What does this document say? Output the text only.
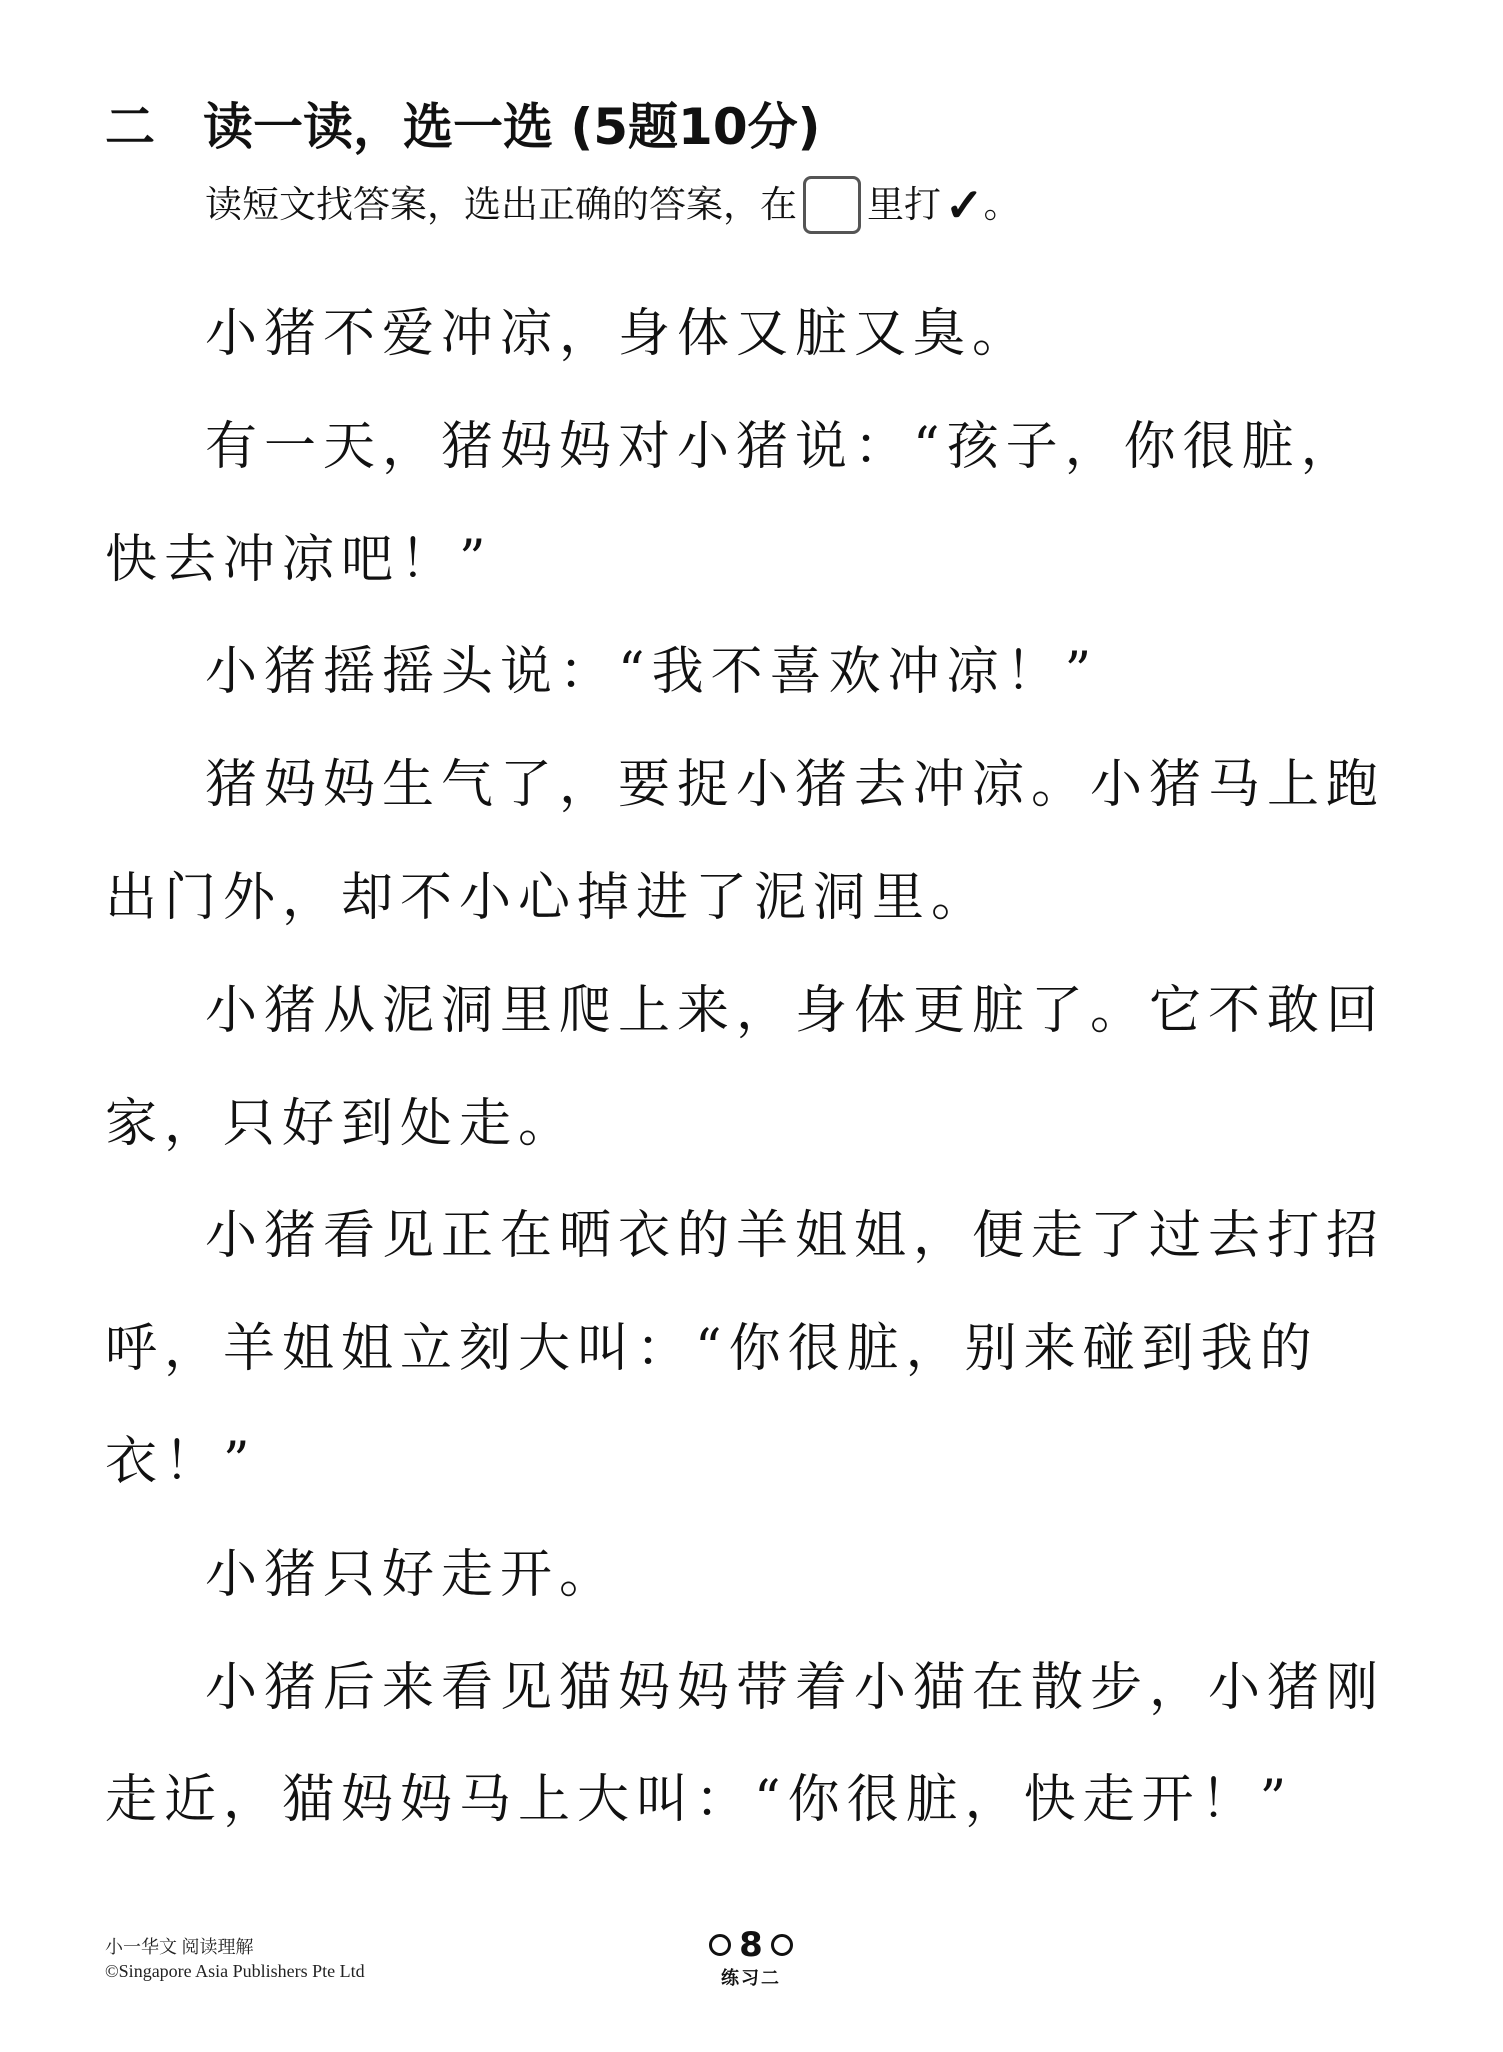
二 读一读，选一选 (5题10分)
读短文找答案，选出正确的答案，在 里打 ✓ 。

小猪不爱冲凉，身体又脏又臭。

有一天，猪妈妈对小猪说：“孩子，你很脏，快去冲凉吧！”

小猪摇摇头说：“我不喜欢冲凉！”

猪妈妈生气了，要捉小猪去冲凉。小猪马上跑出门外，却不小心掉进了泥洞里。

小猪从泥洞里爬上来，身体更脏了。它不敢回家，只好到处走。

小猪看见正在晒衣的羊姐姐，便走了过去打招呼，羊姐姐立刻大叫：“你很脏，别来碰到我的衣！”

小猪只好走开。

小猪后来看见猫妈妈带着小猫在散步，小猪刚走近，猫妈妈马上大叫：“你很脏，快走开！”

小一华文 阅读理解
©Singapore Asia Publishers Pte Ltd
8
练习二
